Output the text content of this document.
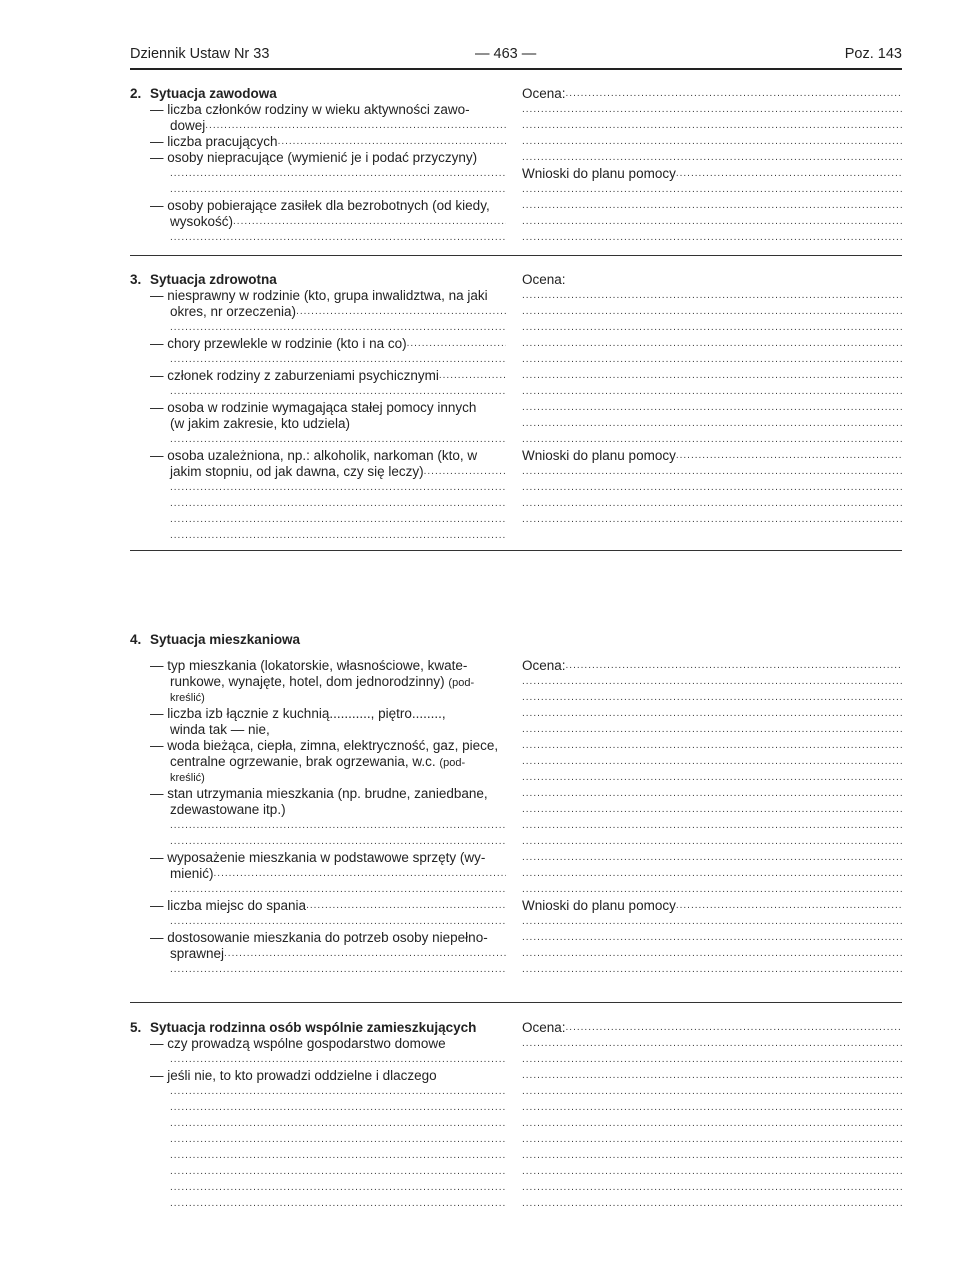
Dziennik Ustaw Nr 33	— 463 —	Poz. 143
2. Sytuacja zawodowa
— liczba członków rodziny w wieku aktywności zawo-
dowej
.....
— liczba pracujących
.....
— osoby niepracujące (wymienić je i podać przyczyny)
.....
.....
— osoby pobierające zasiłek dla bezrobotnych (od kiedy,
wysokość)
.....
.....
Ocena:
.....
.....
.....
.....
.....
Wnioski do planu pomocy
.....
.....
.....
.....
.....
3. Sytuacja zdrowotna
— niesprawny w rodzinie (kto, grupa inwalidztwa, na jaki
okres, nr orzeczenia)
.....
.....
— chory przewlekle w rodzinie (kto i na co)
.....
.....
— członek rodziny z zaburzeniami psychicznymi
.....
.....
— osoba w rodzinie wymagająca stałej pomocy innych
(w jakim zakresie, kto udziela)
.....
— osoba uzależniona, np.: alkoholik, narkoman (kto, w
jakim stopniu, od jak dawna, czy się leczy)
.....
.....
.....
.....
.....
Ocena:
.....
.....
.....
.....
.....
.....
.....
.....
.....
.....
Wnioski do planu pomocy
.....
.....
.....
.....
.....
4. Sytuacja mieszkaniowa
— typ mieszkania (lokatorskie, własnościowe, kwate-
runkowe, wynajęte, hotel, dom jednorodzinny) (pod-
kreślić)
— liczba izb łącznie z kuchnią..........., piętro........,
winda tak — nie,
— woda bieżąca, ciepła, zimna, elektryczność, gaz, piece,
centralne ogrzewanie, brak ogrzewania, w.c. (pod-
kreślić)
— stan utrzymania mieszkania (np. brudne, zaniedbane,
zdewastowane itp.)
.....
.....
— wyposażenie mieszkania w podstawowe sprzęty (wy-
mienić)
.....
.....
— liczba miejsc do spania
.....
.....
— dostosowanie mieszkania do potrzeb osoby niepełno-
sprawnej
.....
.....
Ocena:
.....
.....
.....
.....
.....
.....
.....
.....
.....
.....
.....
.....
.....
.....
.....
Wnioski do planu pomocy
.....
.....
.....
.....
.....
5. Sytuacja rodzinna osób wspólnie zamieszkujących
— czy prowadzą wspólne gospodarstwo domowe
.....
— jeśli nie, to kto prowadzi oddzielne i dlaczego
.....
.....
.....
.....
.....
.....
.....
.....
Ocena:
.....
.....
.....
.....
.....
.....
.....
.....
.....
.....
.....
.....
